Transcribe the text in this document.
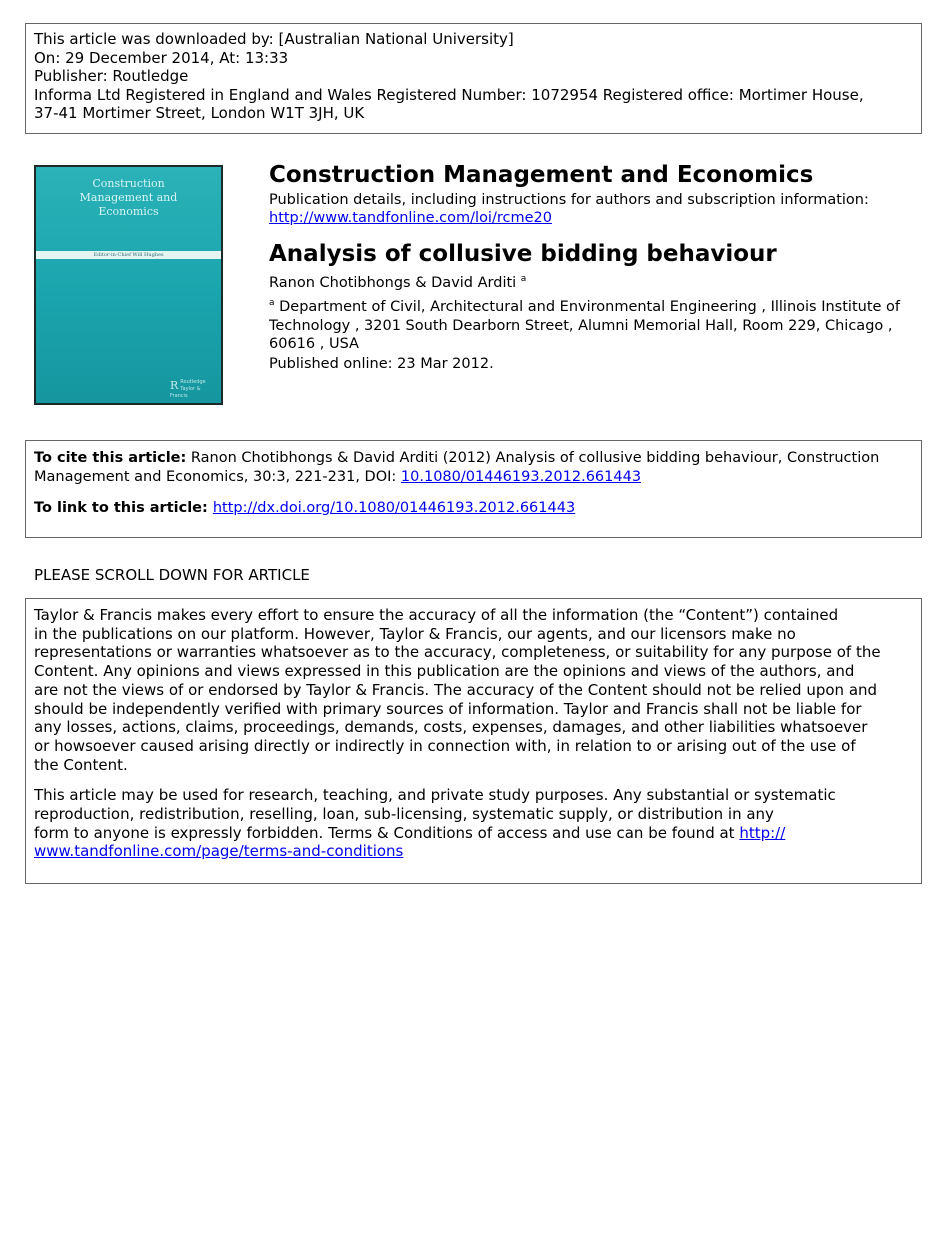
This article was downloaded by: [Australian National University]
On: 29 December 2014, At: 13:33
Publisher: Routledge
Informa Ltd Registered in England and Wales Registered Number: 1072954 Registered office: Mortimer House,
37-41 Mortimer Street, London W1T 3JH, UK
Construction
Management and
Economics
Editor-in-Chief Will Hughes
R Routledge
Taylor & Francis
Construction Management and Economics
Publication details, including instructions for authors and subscription information:
http://www.tandfonline.com/loi/rcme20
Analysis of collusive bidding behaviour
Ranon Chotibhongs & David Arditi $^a$
$^a$ Department of Civil, Architectural and Environmental Engineering , Illinois Institute of
Technology , 3201 South Dearborn Street, Alumni Memorial Hall, Room 229, Chicago ,
60616 , USA
Published online: 23 Mar 2012.
To cite this article: Ranon Chotibhongs & David Arditi (2012) Analysis of collusive bidding behaviour, Construction
Management and Economics, 30:3, 221-231, DOI: 10.1080/01446193.2012.661443
To link to this article: http://dx.doi.org/10.1080/01446193.2012.661443
PLEASE SCROLL DOWN FOR ARTICLE
Taylor & Francis makes every effort to ensure the accuracy of all the information (the “Content”) contained
in the publications on our platform. However, Taylor & Francis, our agents, and our licensors make no
representations or warranties whatsoever as to the accuracy, completeness, or suitability for any purpose of the
Content. Any opinions and views expressed in this publication are the opinions and views of the authors, and
are not the views of or endorsed by Taylor & Francis. The accuracy of the Content should not be relied upon and
should be independently verified with primary sources of information. Taylor and Francis shall not be liable for
any losses, actions, claims, proceedings, demands, costs, expenses, damages, and other liabilities whatsoever
or howsoever caused arising directly or indirectly in connection with, in relation to or arising out of the use of
the Content.
This article may be used for research, teaching, and private study purposes. Any substantial or systematic
reproduction, redistribution, reselling, loan, sub-licensing, systematic supply, or distribution in any
form to anyone is expressly forbidden. Terms & Conditions of access and use can be found at http://
www.tandfonline.com/page/terms-and-conditions
